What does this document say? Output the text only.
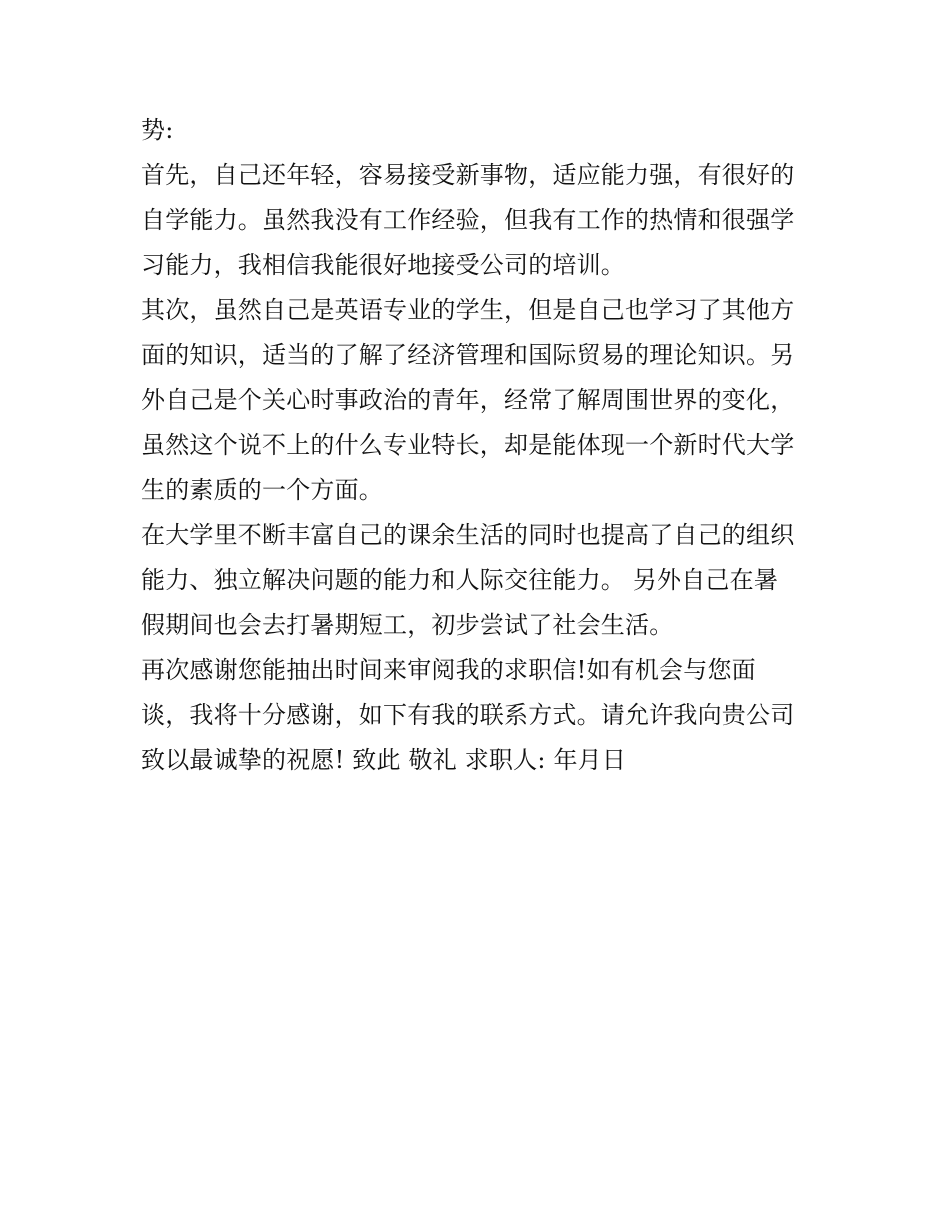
势:
首先，自己还年轻，容易接受新事物，适应能力强，有很好的
自学能力。虽然我没有工作经验，但我有工作的热情和很强学
习能力，我相信我能很好地接受公司的培训。
其次，虽然自己是英语专业的学生，但是自己也学习了其他方
面的知识，适当的了解了经济管理和国际贸易的理论知识。另
外自己是个关心时事政治的青年，经常了解周围世界的变化，
虽然这个说不上的什么专业特长，却是能体现一个新时代大学
生的素质的一个方面。
在大学里不断丰富自己的课余生活的同时也提高了自己的组织
能力、独立解决问题的能力和人际交往能力。 另外自己在暑
假期间也会去打暑期短工，初步尝试了社会生活。
再次感谢您能抽出时间来审阅我的求职信!如有机会与您面
谈，我将十分感谢，如下有我的联系方式。请允许我向贵公司
致以最诚挚的祝愿! 致此 敬礼 求职人: 年月日
